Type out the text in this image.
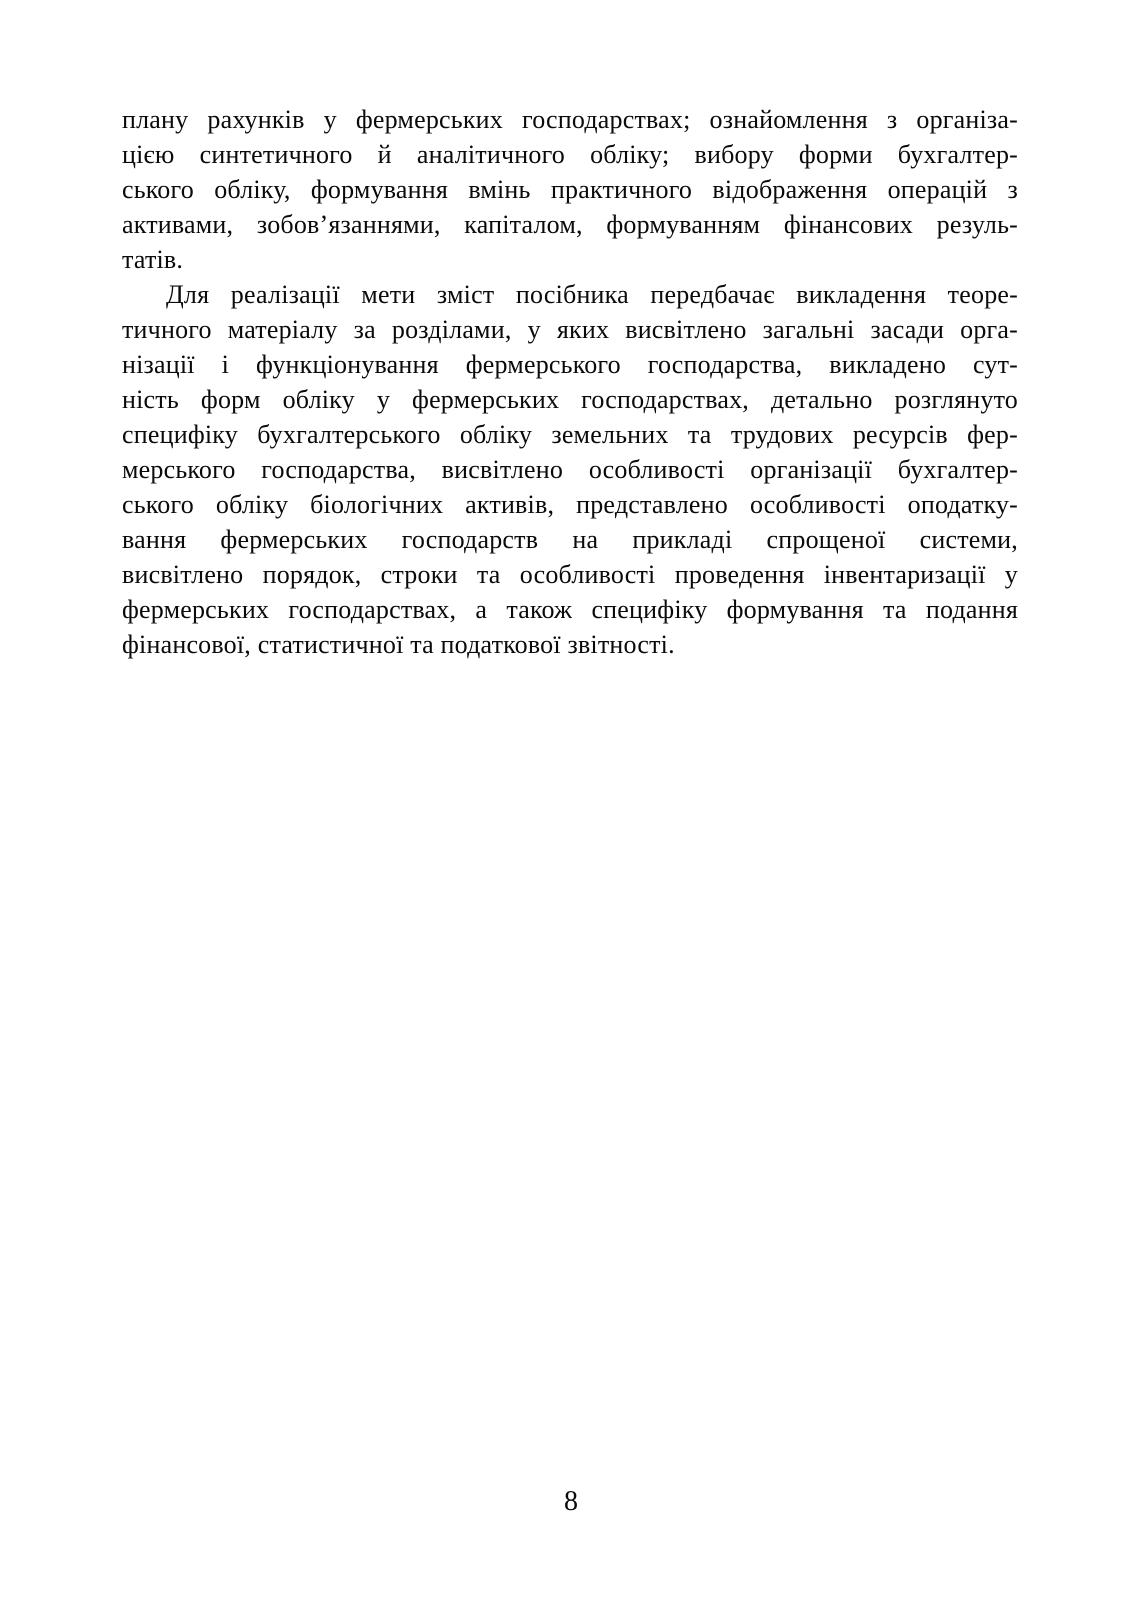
плану рахунків у фермерських господарствах; ознайомлення з організа-
цією синтетичного й аналітичного обліку; вибору форми бухгалтер-
ського обліку, формування вмінь практичного відображення операцій з
активами, зобов’язаннями, капіталом, формуванням фінансових резуль-
татів.
Для реалізації мети зміст посібника передбачає викладення теоре-
тичного матеріалу за розділами, у яких висвітлено загальні засади орга-
нізації і функціонування фермерського господарства, викладено сут-
ність форм обліку у фермерських господарствах, детально розглянуто
специфіку бухгалтерського обліку земельних та трудових ресурсів фер-
мерського господарства, висвітлено особливості організації бухгалтер-
ського обліку біологічних активів, представлено особливості оподатку-
вання фермерських господарств на прикладі спрощеної системи,
висвітлено порядок, строки та особливості проведення інвентаризації у
фермерських господарствах, а також специфіку формування та подання
фінансової, статистичної та податкової звітності.
8
